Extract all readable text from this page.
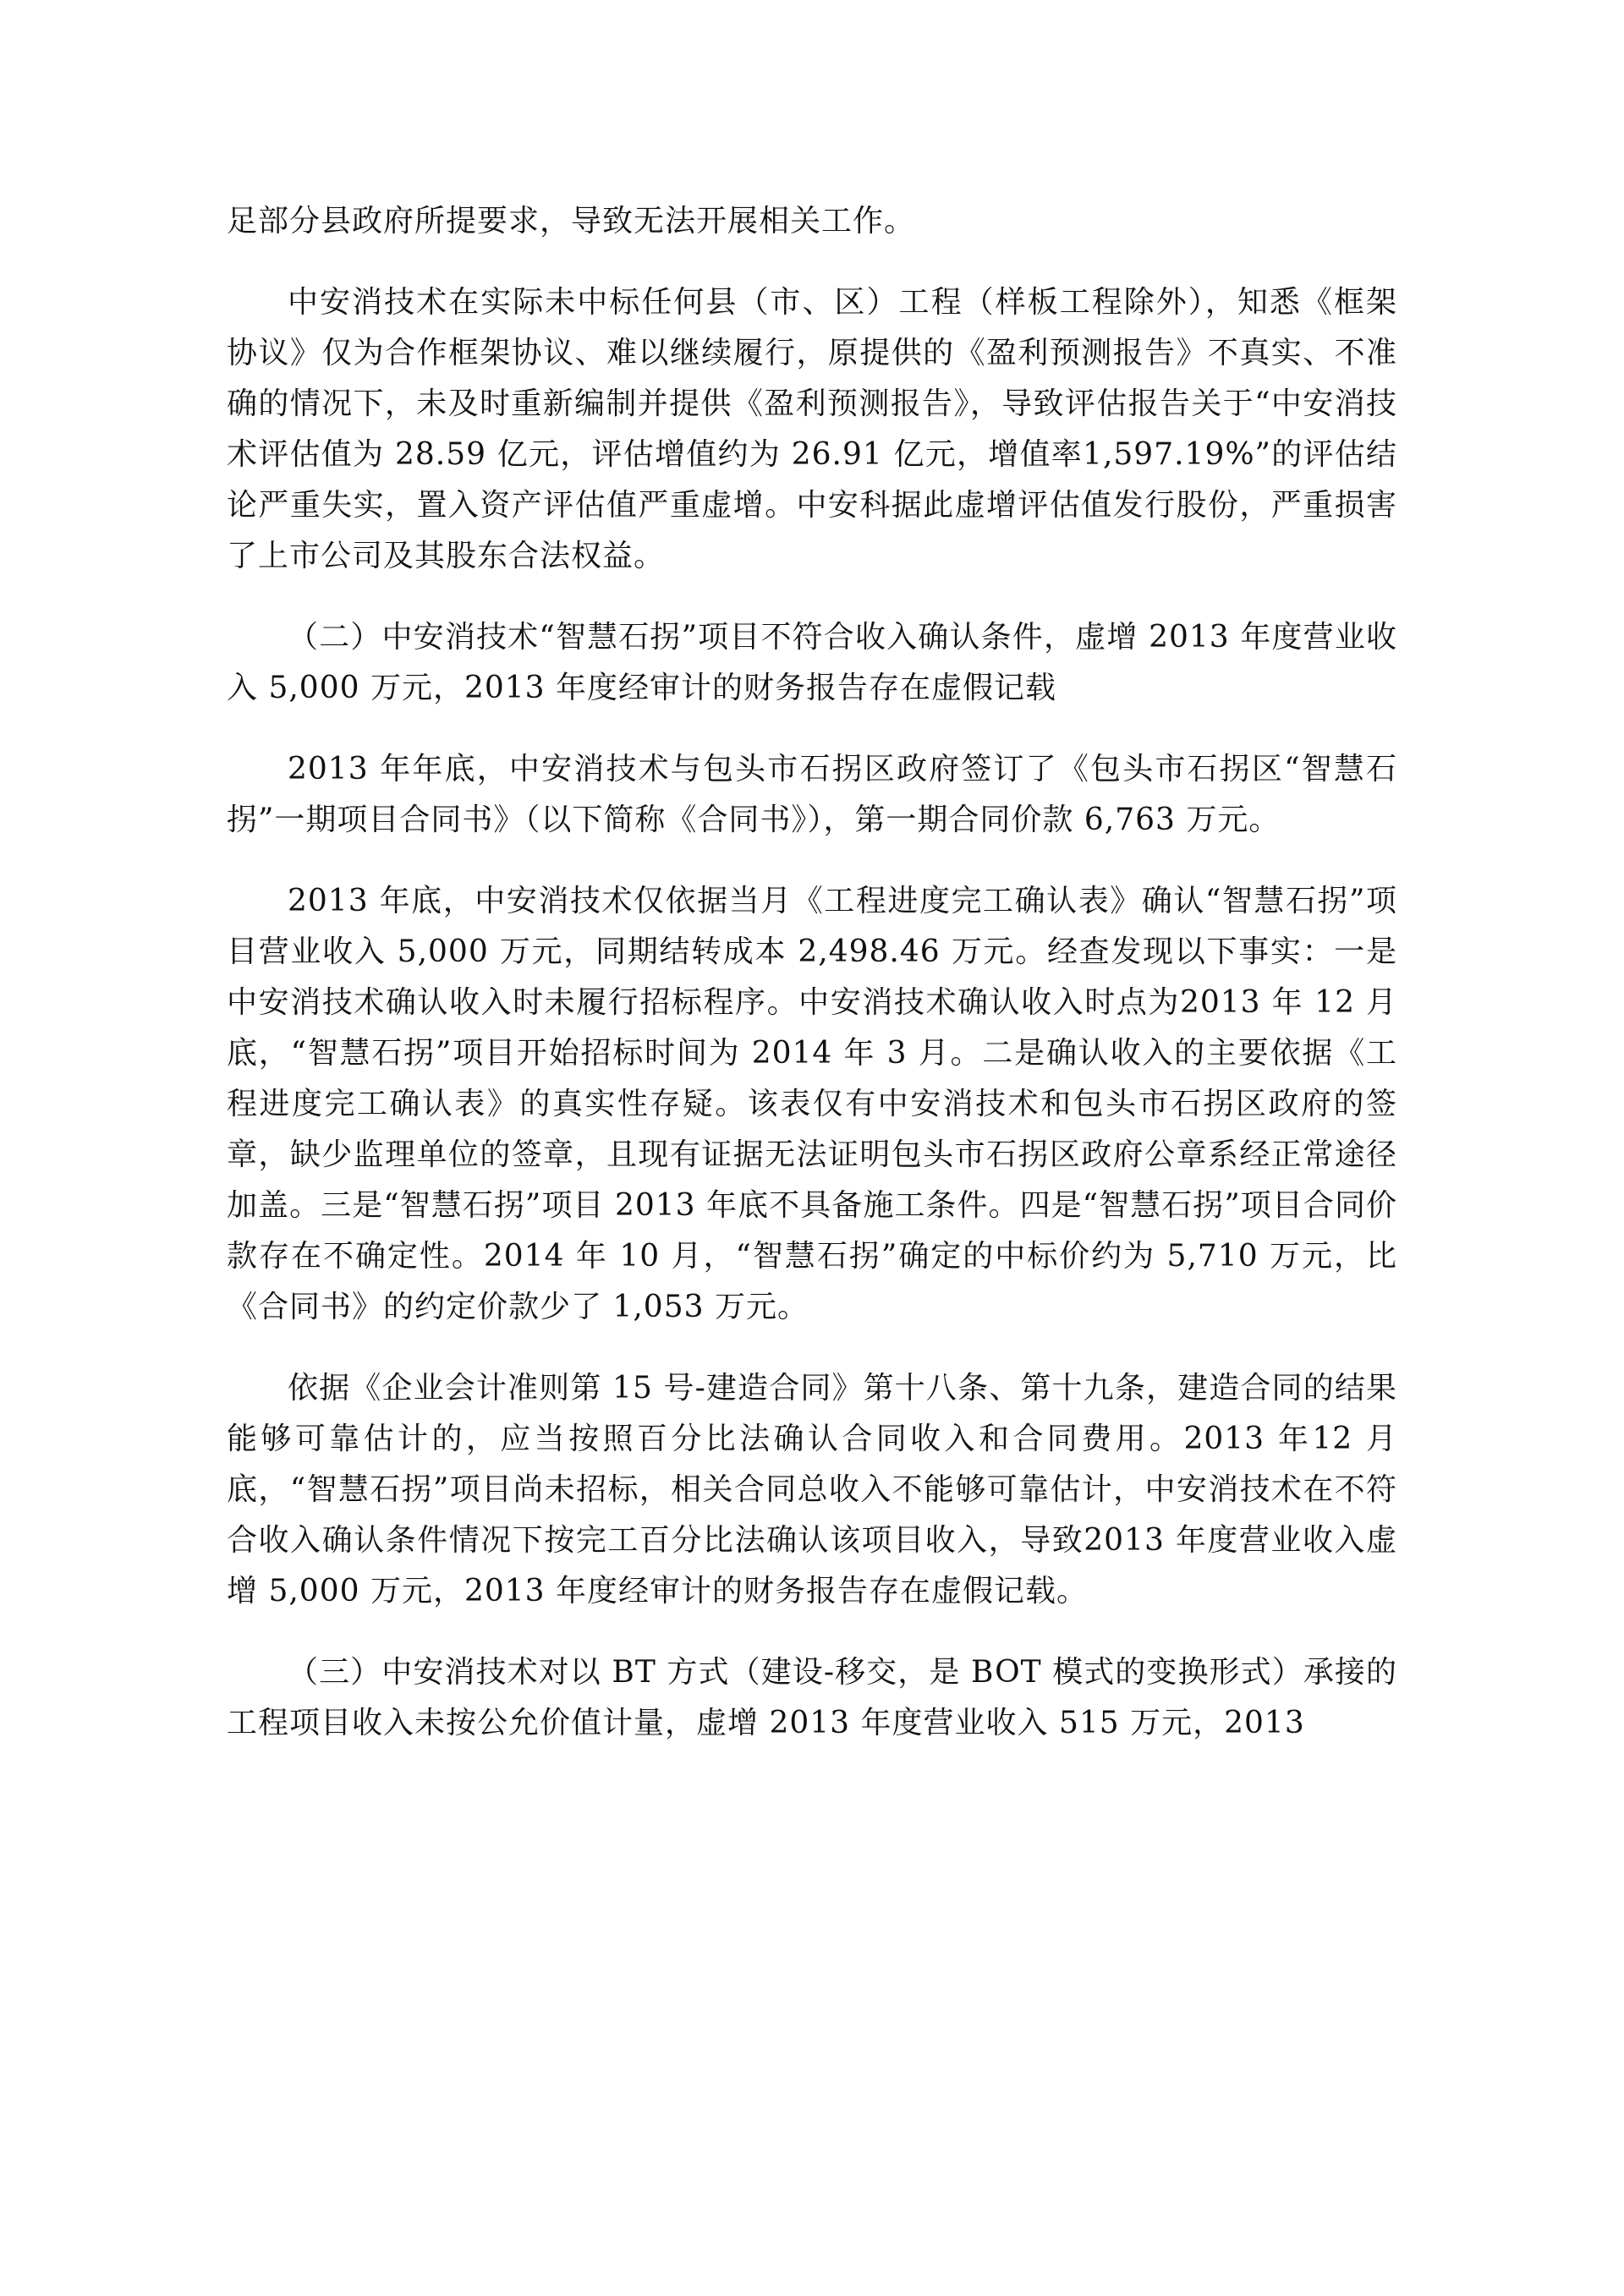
足部分县政府所提要求，导致无法开展相关工作。

中安消技术在实际未中标任何县（市、区）工程（样板工程除外），知悉《框架协议》仅为合作框架协议、难以继续履行，原提供的《盈利预测报告》不真实、不准确的情况下，未及时重新编制并提供《盈利预测报告》，导致评估报告关于“中安消技术评估值为 28.59 亿元，评估增值约为 26.91 亿元，增值率1,597.19%”的评估结论严重失实，置入资产评估值严重虚增。中安科据此虚增评估值发行股份，严重损害了上市公司及其股东合法权益。

（二）中安消技术“智慧石拐”项目不符合收入确认条件，虚增 2013 年度营业收入 5,000 万元，2013 年度经审计的财务报告存在虚假记载

2013 年年底，中安消技术与包头市石拐区政府签订了《包头市石拐区“智慧石拐”一期项目合同书》（以下简称《合同书》），第一期合同价款 6,763 万元。

2013 年底，中安消技术仅依据当月《工程进度完工确认表》确认“智慧石拐”项目营业收入 5,000 万元，同期结转成本 2,498.46 万元。经查发现以下事实：一是中安消技术确认收入时未履行招标程序。中安消技术确认收入时点为2013 年 12 月底，“智慧石拐”项目开始招标时间为 2014 年 3 月。二是确认收入的主要依据《工程进度完工确认表》的真实性存疑。该表仅有中安消技术和包头市石拐区政府的签章，缺少监理单位的签章，且现有证据无法证明包头市石拐区政府公章系经正常途径加盖。三是“智慧石拐”项目 2013 年底不具备施工条件。四是“智慧石拐”项目合同价款存在不确定性。2014 年 10 月，“智慧石拐”确定的中标价约为 5,710 万元，比《合同书》的约定价款少了 1,053 万元。

依据《企业会计准则第 15 号-建造合同》第十八条、第十九条，建造合同的结果能够可靠估计的，应当按照百分比法确认合同收入和合同费用。2013 年12 月底，“智慧石拐”项目尚未招标，相关合同总收入不能够可靠估计，中安消技术在不符合收入确认条件情况下按完工百分比法确认该项目收入，导致2013 年度营业收入虚增 5,000 万元，2013 年度经审计的财务报告存在虚假记载。

（三）中安消技术对以 BT 方式（建设-移交，是 BOT 模式的变换形式）承接的工程项目收入未按公允价值计量，虚增 2013 年度营业收入 515 万元，2013
